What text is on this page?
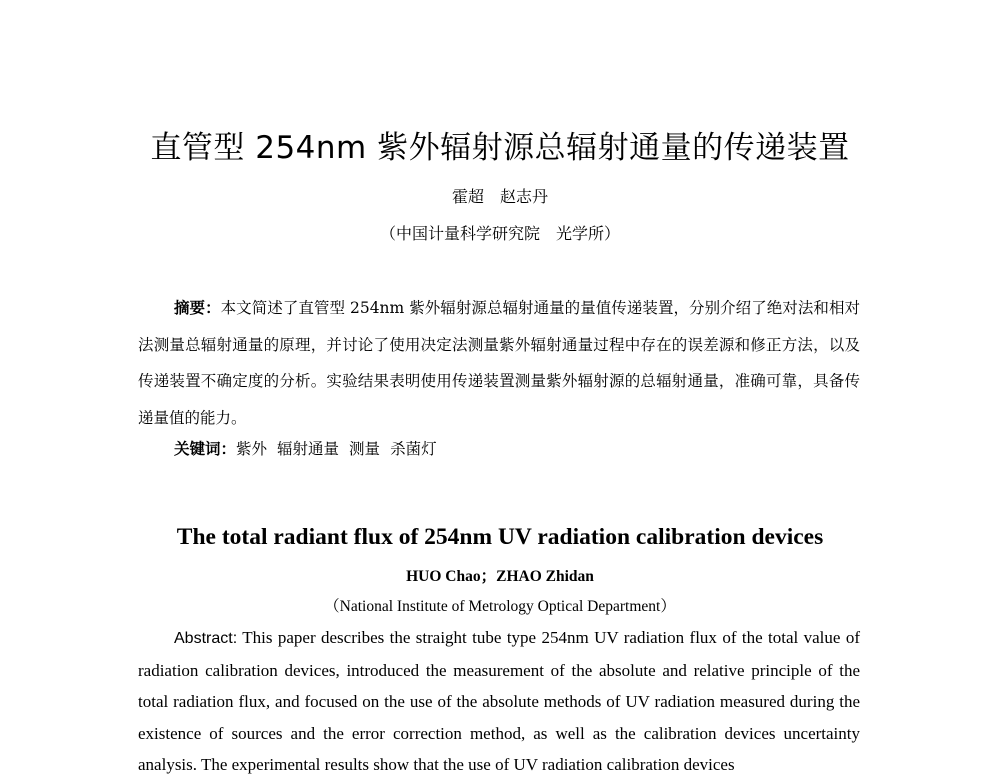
直管型 254nm 紫外辐射源总辐射通量的传递装置
霍超　赵志丹
（中国计量科学研究院　光学所）

摘要：本文简述了直管型 254nm 紫外辐射源总辐射通量的量值传递装置，分别介绍了绝对法和相对法测量总辐射通量的原理，并讨论了使用决定法测量紫外辐射通量过程中存在的误差源和修正方法，以及传递装置不确定度的分析。实验结果表明使用传递装置测量紫外辐射源的总辐射通量，准确可靠，具备传递量值的能力。

关键词：紫外 辐射通量 测量 杀菌灯
The total radiant flux of 254nm UV radiation calibration devices
HUO Chao；ZHAO Zhidan
（National Institute of Metrology Optical Department）

Abstract: This paper describes the straight tube type 254nm UV radiation flux of the total value of radiation calibration devices, introduced the measurement of the absolute and relative principle of the total radiation flux, and focused on the use of the absolute methods of UV radiation measured during the existence of sources and the error correction method, as well as the calibration devices uncertainty analysis. The experimental results show that the use of UV radiation calibration devices
